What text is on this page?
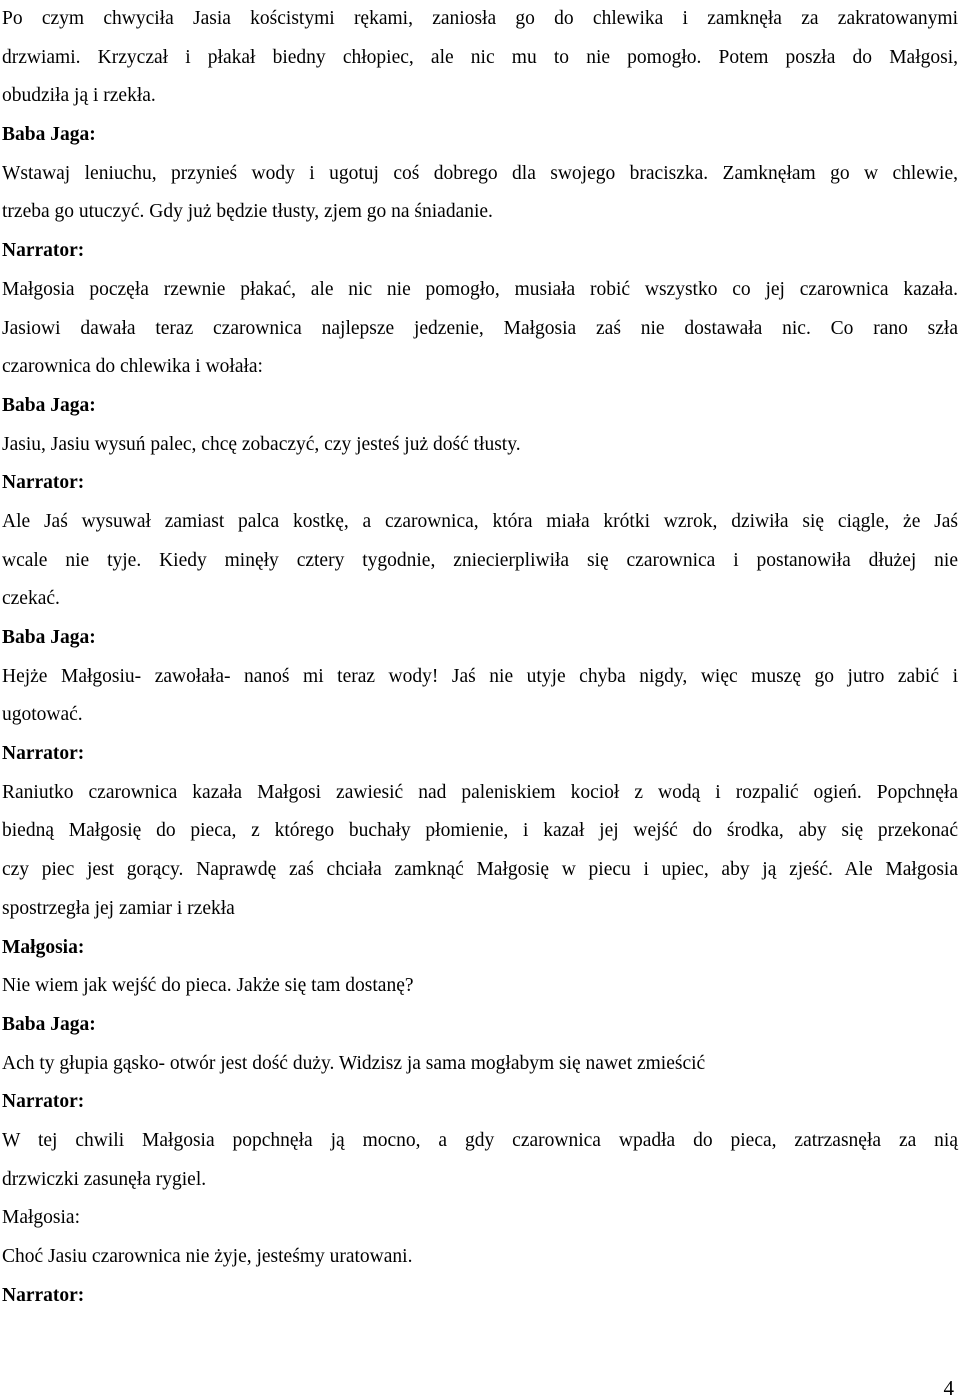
Po czym chwyciła Jasia kościstymi rękami, zaniosła go do chlewika i zamknęła za zakratowanymi
drzwiami. Krzyczał i płakał biedny chłopiec, ale nic mu to nie pomogło. Potem poszła do Małgosi,
obudziła ją i rzekła.
Baba Jaga:
Wstawaj leniuchu, przynieś wody i ugotuj coś dobrego dla swojego braciszka. Zamknęłam go w chlewie,
trzeba go utuczyć. Gdy już będzie tłusty, zjem go na śniadanie.
Narrator:
Małgosia poczęła rzewnie płakać, ale nic nie pomogło, musiała robić wszystko co jej czarownica kazała.
Jasiowi dawała teraz czarownica najlepsze jedzenie, Małgosia zaś nie dostawała nic. Co rano szła
czarownica do chlewika i wołała:
Baba Jaga:
Jasiu, Jasiu wysuń palec, chcę zobaczyć, czy jesteś już dość tłusty.
Narrator:
Ale Jaś wysuwał zamiast palca kostkę, a czarownica, która miała krótki wzrok, dziwiła się ciągle, że Jaś
wcale nie tyje. Kiedy minęły cztery tygodnie, zniecierpliwiła się czarownica i postanowiła dłużej nie
czekać.
Baba Jaga:
Hejże Małgosiu- zawołała- nanoś mi teraz wody! Jaś nie utyje chyba nigdy, więc muszę go jutro zabić i
ugotować.
Narrator:
Raniutko czarownica kazała Małgosi zawiesić nad paleniskiem kocioł z wodą i rozpalić ogień. Popchnęła
biedną Małgosię do pieca, z którego buchały płomienie, i kazał jej wejść do środka, aby się przekonać
czy piec jest gorący. Naprawdę zaś chciała zamknąć Małgosię w piecu i upiec, aby ją zjeść. Ale Małgosia
spostrzegła jej zamiar i rzekła
Małgosia:
Nie wiem jak wejść do pieca. Jakże się tam dostanę?
Baba Jaga:
Ach ty głupia gąsko- otwór jest dość duży. Widzisz ja sama mogłabym się nawet zmieścić
Narrator:
W tej chwili Małgosia popchnęła ją mocno, a gdy czarownica wpadła do pieca, zatrzasnęła za nią
drzwiczki zasunęła rygiel.
Małgosia:
Choć Jasiu czarownica nie żyje, jesteśmy uratowani.
Narrator:
4
